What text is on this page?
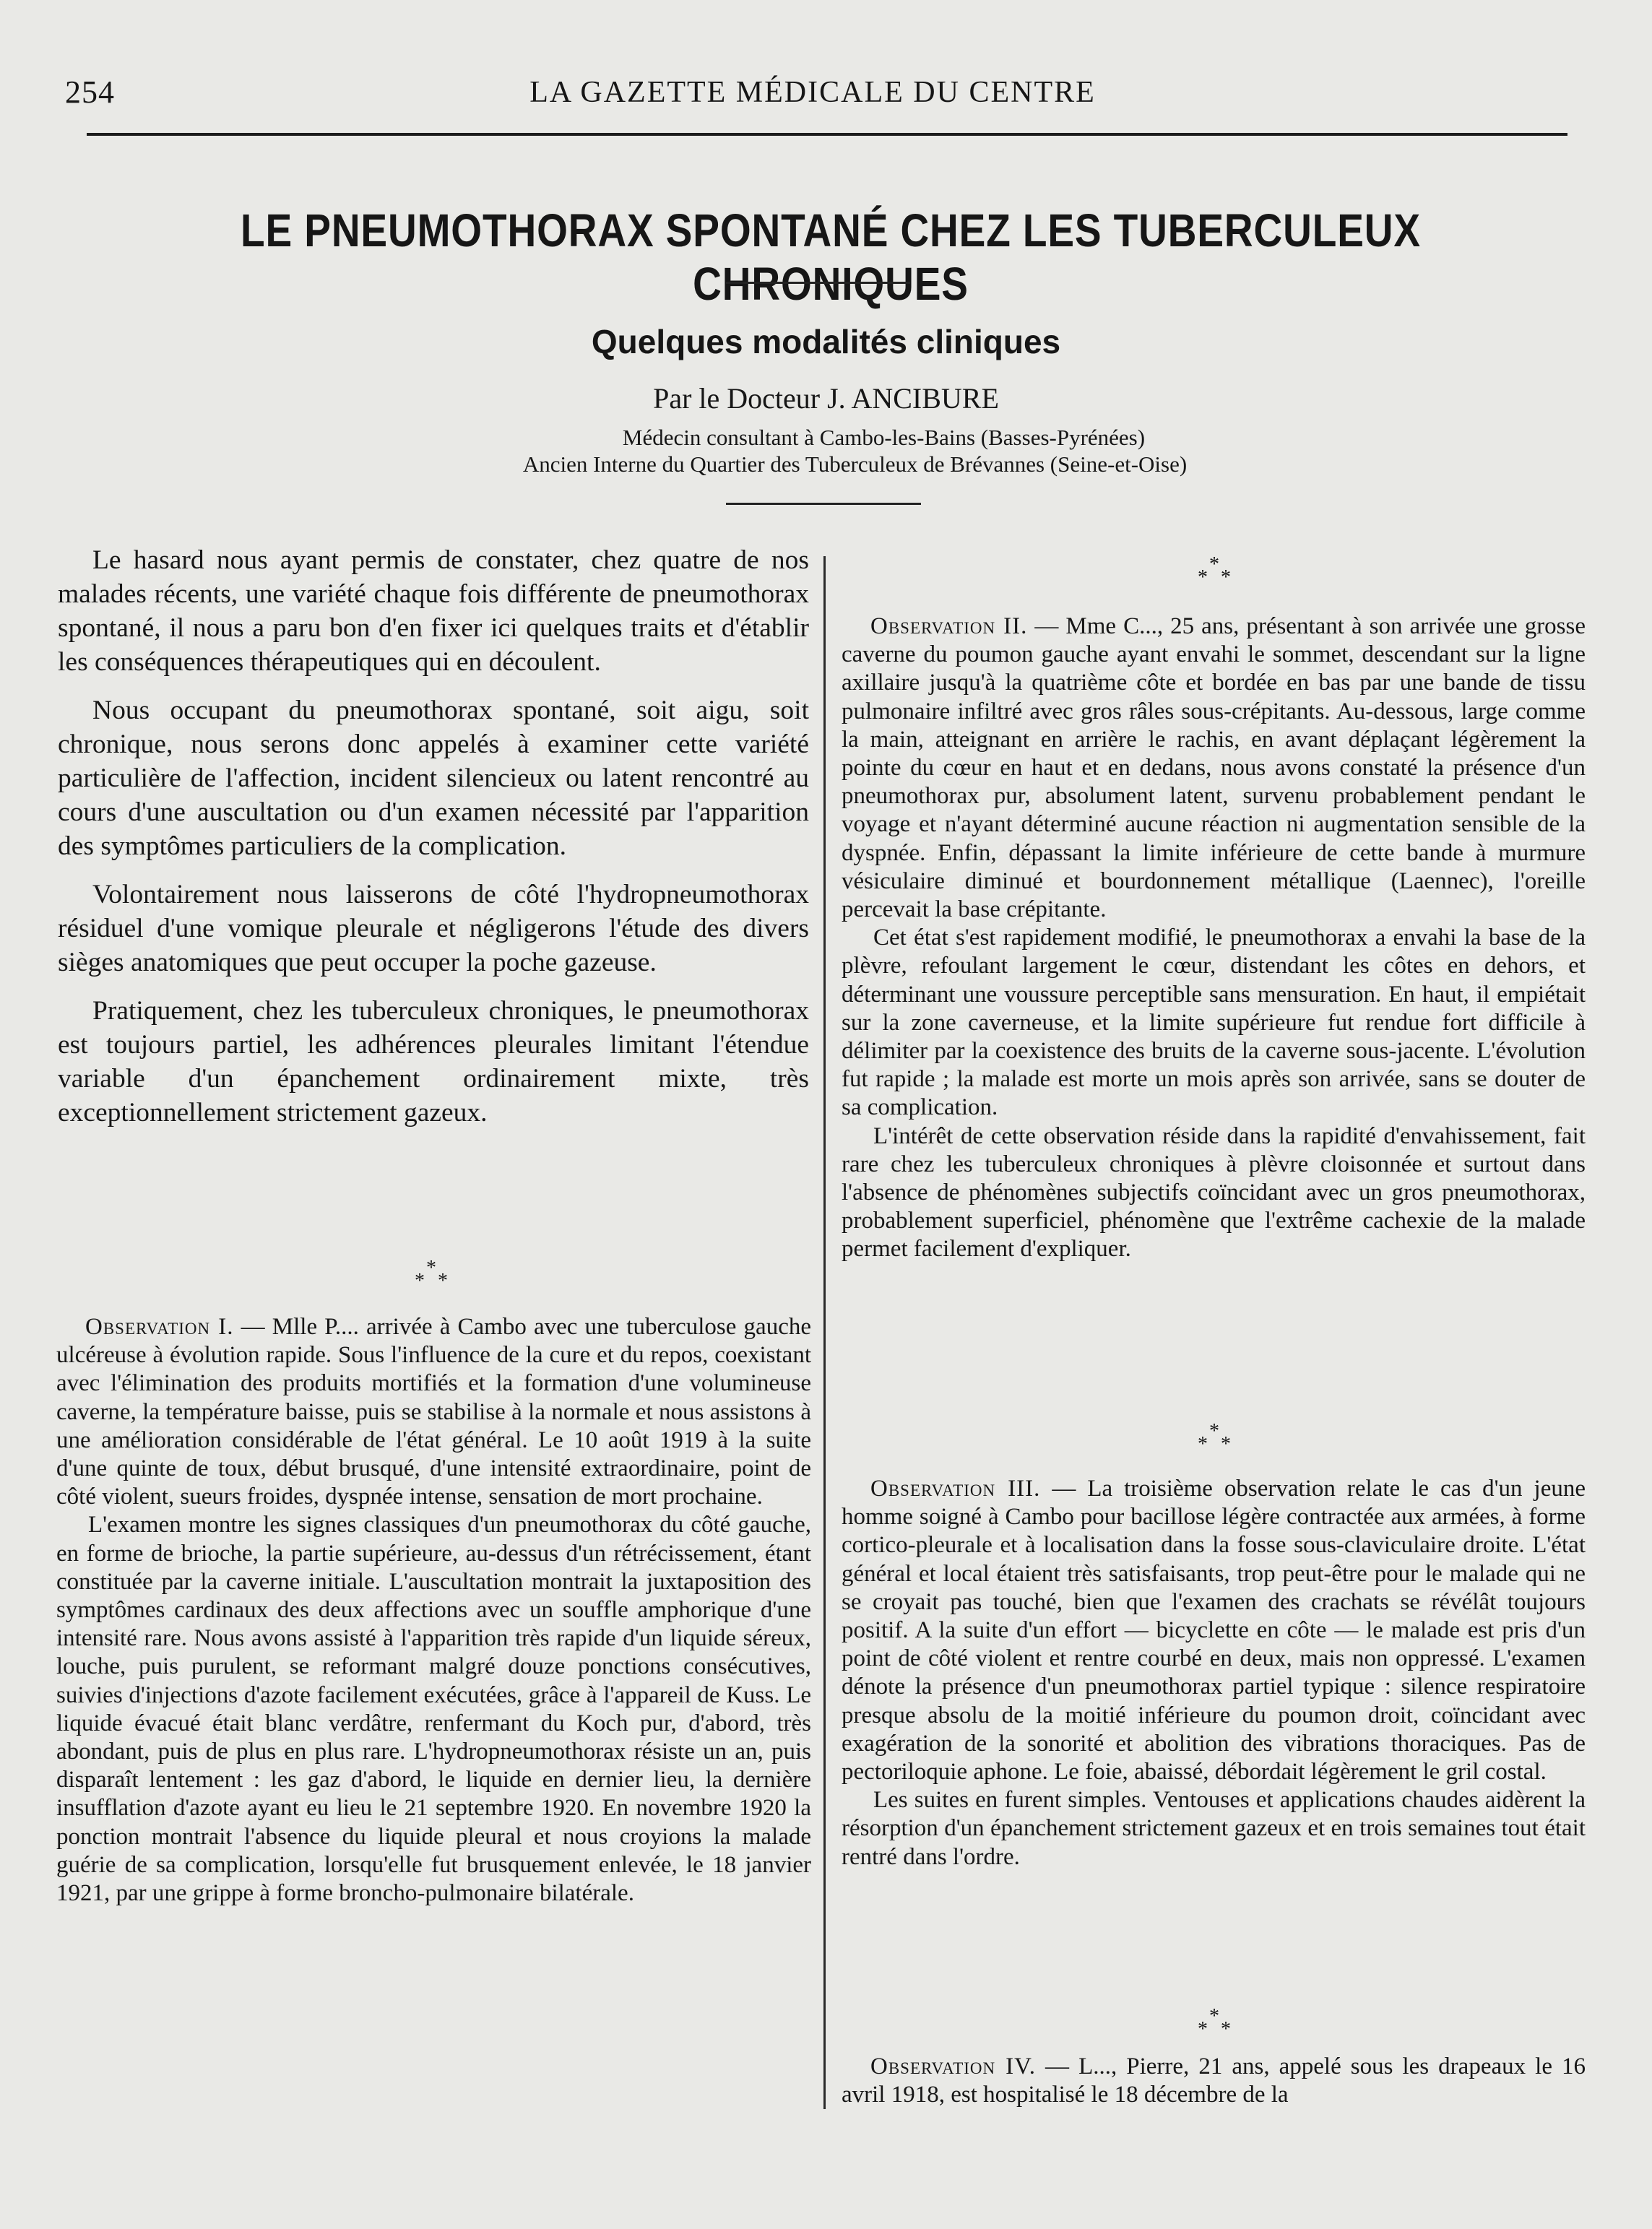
254	LA GAZETTE MÉDICALE DU CENTRE
LE PNEUMOTHORAX SPONTANÉ CHEZ LES TUBERCULEUX CHRONIQUES
Quelques modalités cliniques
Par le Docteur J. ANCIBURE
Médecin consultant à Cambo-les-Bains (Basses-Pyrénées)
Ancien Interne du Quartier des Tuberculeux de Brévannes (Seine-et-Oise)

Le hasard nous ayant permis de constater, chez quatre de nos malades récents, une variété chaque fois différente de pneumothorax spontané, il nous a paru bon d'en fixer ici quelques traits et d'établir les conséquences thérapeutiques qui en découlent.

Nous occupant du pneumothorax spontané, soit aigu, soit chronique, nous serons donc appelés à examiner cette variété particulière de l'affection, incident silencieux ou latent rencontré au cours d'une auscultation ou d'un examen nécessité par l'apparition des symptômes particuliers de la complication.

Volontairement nous laisserons de côté l'hydropneumothorax résiduel d'une vomique pleurale et négligerons l'étude des divers sièges anatomiques que peut occuper la poche gazeuse.

Pratiquement, chez les tuberculeux chroniques, le pneumothorax est toujours partiel, les adhérences pleurales limitant l'étendue variable d'un épanchement ordinairement mixte, très exceptionnellement strictement gazeux.

*
* *

Observation I. — Mlle P.... arrivée à Cambo avec une tuberculose gauche ulcéreuse à évolution rapide. Sous l'influence de la cure et du repos, coexistant avec l'élimination des produits mortifiés et la formation d'une volumineuse caverne, la température baisse, puis se stabilise à la normale et nous assistons à une amélioration considérable de l'état général. Le 10 août 1919 à la suite d'une quinte de toux, début brusqué, d'une intensité extraordinaire, point de côté violent, sueurs froides, dyspnée intense, sensation de mort prochaine.

L'examen montre les signes classiques d'un pneumothorax du côté gauche, en forme de brioche, la partie supérieure, au-dessus d'un rétrécissement, étant constituée par la caverne initiale. L'auscultation montrait la juxtaposition des symptômes cardinaux des deux affections avec un souffle amphorique d'une intensité rare. Nous avons assisté à l'apparition très rapide d'un liquide séreux, louche, puis purulent, se reformant malgré douze ponctions consécutives, suivies d'injections d'azote facilement exécutées, grâce à l'appareil de Kuss. Le liquide évacué était blanc verdâtre, renfermant du Koch pur, d'abord, très abondant, puis de plus en plus rare. L'hydropneumothorax résiste un an, puis disparaît lentement : les gaz d'abord, le liquide en dernier lieu, la dernière insufflation d'azote ayant eu lieu le 21 septembre 1920. En novembre 1920 la ponction montrait l'absence du liquide pleural et nous croyions la malade guérie de sa complication, lorsqu'elle fut brusquement enlevée, le 18 janvier 1921, par une grippe à forme broncho-pulmonaire bilatérale.

*
* *

Observation II. — Mme C..., 25 ans, présentant à son arrivée une grosse caverne du poumon gauche ayant envahi le sommet, descendant sur la ligne axillaire jusqu'à la quatrième côte et bordée en bas par une bande de tissu pulmonaire infiltré avec gros râles sous-crépitants. Au-dessous, large comme la main, atteignant en arrière le rachis, en avant déplaçant légèrement la pointe du cœur en haut et en dedans, nous avons constaté la présence d'un pneumothorax pur, absolument latent, survenu probablement pendant le voyage et n'ayant déterminé aucune réaction ni augmentation sensible de la dyspnée. Enfin, dépassant la limite inférieure de cette bande à murmure vésiculaire diminué et bourdonnement métallique (Laennec), l'oreille percevait la base crépitante.

Cet état s'est rapidement modifié, le pneumothorax a envahi la base de la plèvre, refoulant largement le cœur, distendant les côtes en dehors, et déterminant une voussure perceptible sans mensuration. En haut, il empiétait sur la zone caverneuse, et la limite supérieure fut rendue fort difficile à délimiter par la coexistence des bruits de la caverne sous-jacente. L'évolution fut rapide ; la malade est morte un mois après son arrivée, sans se douter de sa complication.

L'intérêt de cette observation réside dans la rapidité d'envahissement, fait rare chez les tuberculeux chroniques à plèvre cloisonnée et surtout dans l'absence de phénomènes subjectifs coïncidant avec un gros pneumothorax, probablement superficiel, phénomène que l'extrême cachexie de la malade permet facilement d'expliquer.

*
* *

Observation III. — La troisième observation relate le cas d'un jeune homme soigné à Cambo pour bacillose légère contractée aux armées, à forme cortico-pleurale et à localisation dans la fosse sous-claviculaire droite. L'état général et local étaient très satisfaisants, trop peut-être pour le malade qui ne se croyait pas touché, bien que l'examen des crachats se révélât toujours positif. A la suite d'un effort — bicyclette en côte — le malade est pris d'un point de côté violent et rentre courbé en deux, mais non oppressé. L'examen dénote la présence d'un pneumothorax partiel typique : silence respiratoire presque absolu de la moitié inférieure du poumon droit, coïncidant avec exagération de la sonorité et abolition des vibrations thoraciques. Pas de pectoriloquie aphone. Le foie, abaissé, débordait légèrement le gril costal.

Les suites en furent simples. Ventouses et applications chaudes aidèrent la résorption d'un épanchement strictement gazeux et en trois semaines tout était rentré dans l'ordre.

*
* *

Observation IV. — L..., Pierre, 21 ans, appelé sous les drapeaux le 16 avril 1918, est hospitalisé le 18 décembre de la
